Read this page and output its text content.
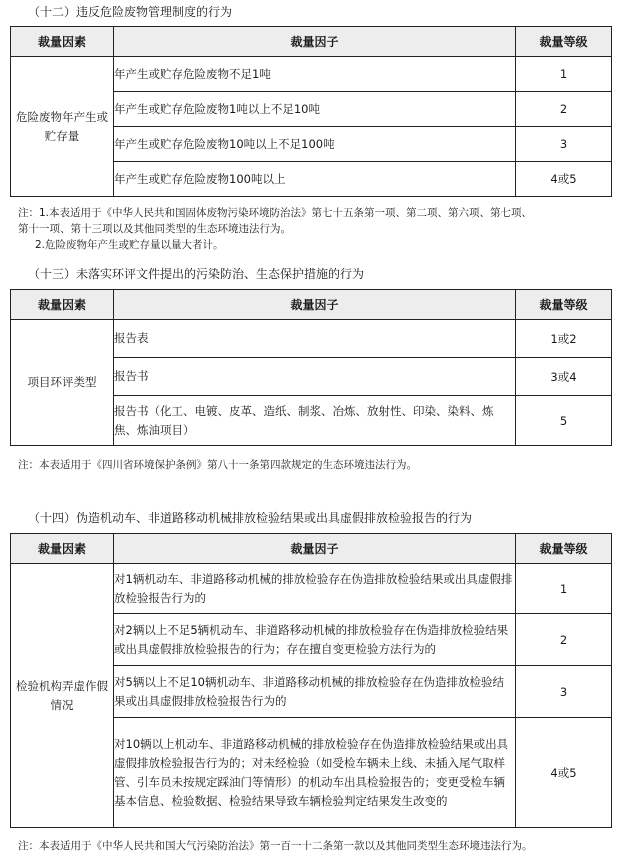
（十二）违反危险废物管理制度的行为
裁量因素	裁量因子	裁量等级
危险废物年产生或贮存量	年产生或贮存危险废物不足1吨	1
	年产生或贮存危险废物1吨以上不足10吨	2
	年产生或贮存危险废物10吨以上不足100吨	3
	年产生或贮存危险废物100吨以上	4或5
注：1.本表适用于《中华人民共和国固体废物污染环境防治法》第七十五条第一项、第二项、第六项、第七项、
第十一项、第十三项以及其他同类型的生态环境违法行为。
2.危险废物年产生或贮存量以量大者计。
（十三）未落实环评文件提出的污染防治、生态保护措施的行为
裁量因素	裁量因子	裁量等级
项目环评类型	报告表	1或2
	报告书	3或4
	报告书（化工、电镀、皮革、造纸、制浆、冶炼、放射性、印染、染料、炼焦、炼油项目）	5
注：本表适用于《四川省环境保护条例》第八十一条第四款规定的生态环境违法行为。
（十四）伪造机动车、非道路移动机械排放检验结果或出具虚假排放检验报告的行为
裁量因素	裁量因子	裁量等级
检验机构弄虚作假情况	对1辆机动车、非道路移动机械的排放检验存在伪造排放检验结果或出具虚假排放检验报告行为的	1
	对2辆以上不足5辆机动车、非道路移动机械的排放检验存在伪造排放检验结果或出具虚假排放检验报告的行为；存在擅自变更检验方法行为的	2
	对5辆以上不足10辆机动车、非道路移动机械的排放检验存在伪造排放检验结果或出具虚假排放检验报告行为的	3
	对10辆以上机动车、非道路移动机械的排放检验存在伪造排放检验结果或出具虚假排放检验报告行为的；对未经检验（如受检车辆未上线、未插入尾气取样管、引车员未按规定踩油门等情形）的机动车出具检验报告的；变更受检车辆基本信息、检验数据、检验结果导致车辆检验判定结果发生改变的	4或5
注：本表适用于《中华人民共和国大气污染防治法》第一百一十二条第一款以及其他同类型生态环境违法行为。
